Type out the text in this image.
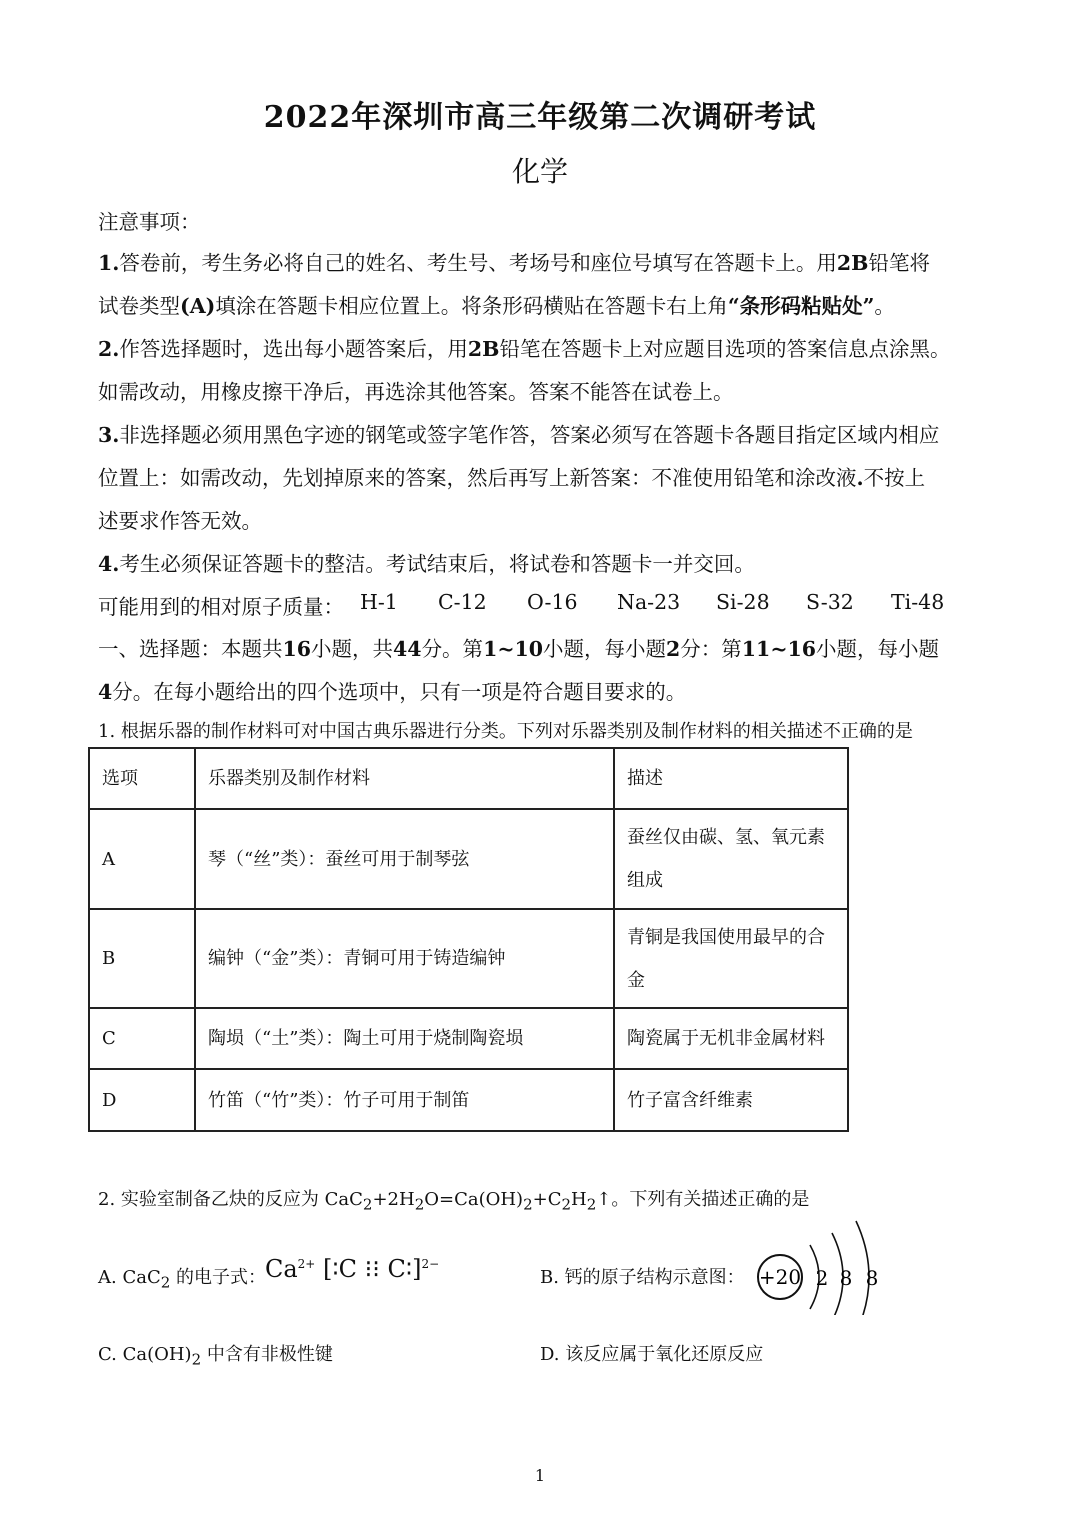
2022年深圳市高三年级第二次调研考试
化学
注意事项：
1.答卷前，考生务必将自己的姓名、考生号、考场号和座位号填写在答题卡上。用2B铅笔将
试卷类型(A)填涂在答题卡相应位置上。将条形码横贴在答题卡右上角“条形码粘贴处”。
2.作答选择题时，选出每小题答案后，用2B铅笔在答题卡上对应题目选项的答案信息点涂黑。
如需改动，用橡皮擦干净后，再选涂其他答案。答案不能答在试卷上。
3.非选择题必须用黑色字迹的钢笔或签字笔作答，答案必须写在答题卡各题目指定区域内相应
位置上：如需改动，先划掉原来的答案，然后再写上新答案：不准使用铅笔和涂改液.不按上
述要求作答无效。
4.考生必须保证答题卡的整洁。考试结束后，将试卷和答题卡一并交回。
可能用到的相对原子质量： H-1 C-12 O-16 Na-23 Si-28 S-32 Ti-48
一、选择题：本题共16小题，共44分。第1~10小题，每小题2分：第11~16小题，每小题
4分。在每小题给出的四个选项中，只有一项是符合题目要求的。
1. 根据乐器的制作材料可对中国古典乐器进行分类。下列对乐器类别及制作材料的相关描述不正确的是
选项	乐器类别及制作材料	描述
A	琴（“丝”类）：蚕丝可用于制琴弦	蚕丝仅由碳、氢、氧元素组成
B	编钟（“金”类）：青铜可用于铸造编钟	青铜是我国使用最早的合金
C	陶埙（“土”类）：陶土可用于烧制陶瓷埙	陶瓷属于无机非金属材料
D	竹笛（“竹”类）：竹子可用于制笛	竹子富含纤维素
2. 实验室制备乙炔的反应为 $CaC_2+2H_2O=Ca(OH)_2+C_2H_2↑$。下列有关描述正确的是
A. CaC$_2$ 的电子式： $Ca^{2+}$ [∶C ⁝⁝ C∶]$^{2-}$
B. 钙的原子结构示意图： +20 2 8 8
C. $Ca(OH)_2$ 中含有非极性键	D. 该反应属于氧化还原反应
1
